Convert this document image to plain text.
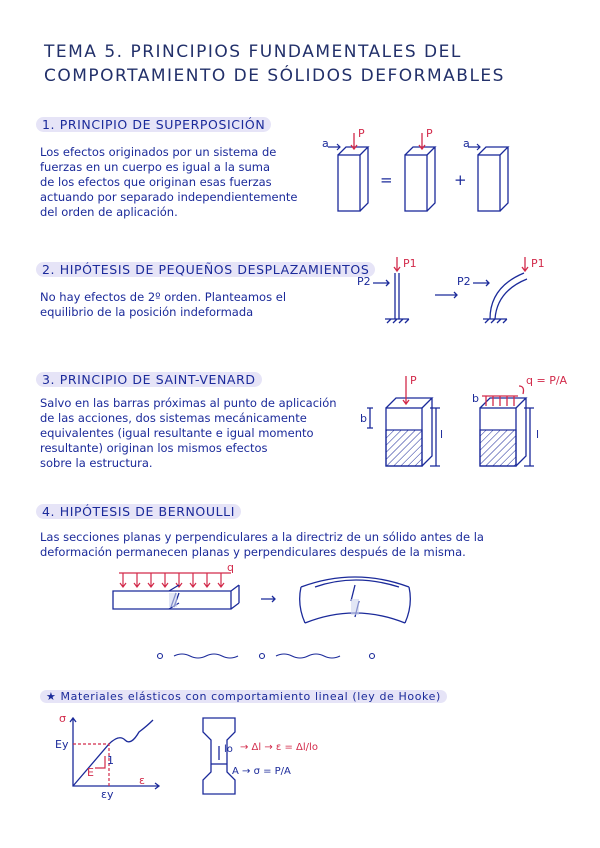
TEMA 5. PRINCIPIOS FUNDAMENTALES DEL
COMPORTAMIENTO DE SÓLIDOS DEFORMABLES
1. PRINCIPIO DE SUPERPOSICIÓN
Los efectos originados por un sistema de
fuerzas en un cuerpo es igual a la suma
de los efectos que originan esas fuerzas
actuando por separado independientemente
del orden de aplicación.
a
P	P
a
=	+
2. HIPÓTESIS DE PEQUEÑOS DESPLAZAMIENTOS
No hay efectos de 2º orden. Planteamos el
equilibrio de la posición indeformada
P1
P2	P2
P1
3. PRINCIPIO DE SAINT-VENARD
Salvo en las barras próximas al punto de aplicación
de las acciones, dos sistemas mecánicamente
equivalentes (igual resultante e igual momento
resultante) originan los mismos efectos
sobre la estructura.
P
b
l
q = P/A
b
l
4. HIPÓTESIS DE BERNOULLI
Las secciones planas y perpendiculares a la directriz de un sólido antes de la
deformación permanecen planas y perpendiculares después de la misma.
q
★ Materiales elásticos con comportamiento lineal (ley de Hooke)
σ
Ey
E
1
ε
εy
lo → Δl → ε = Δl/lo
A → σ = P/A
